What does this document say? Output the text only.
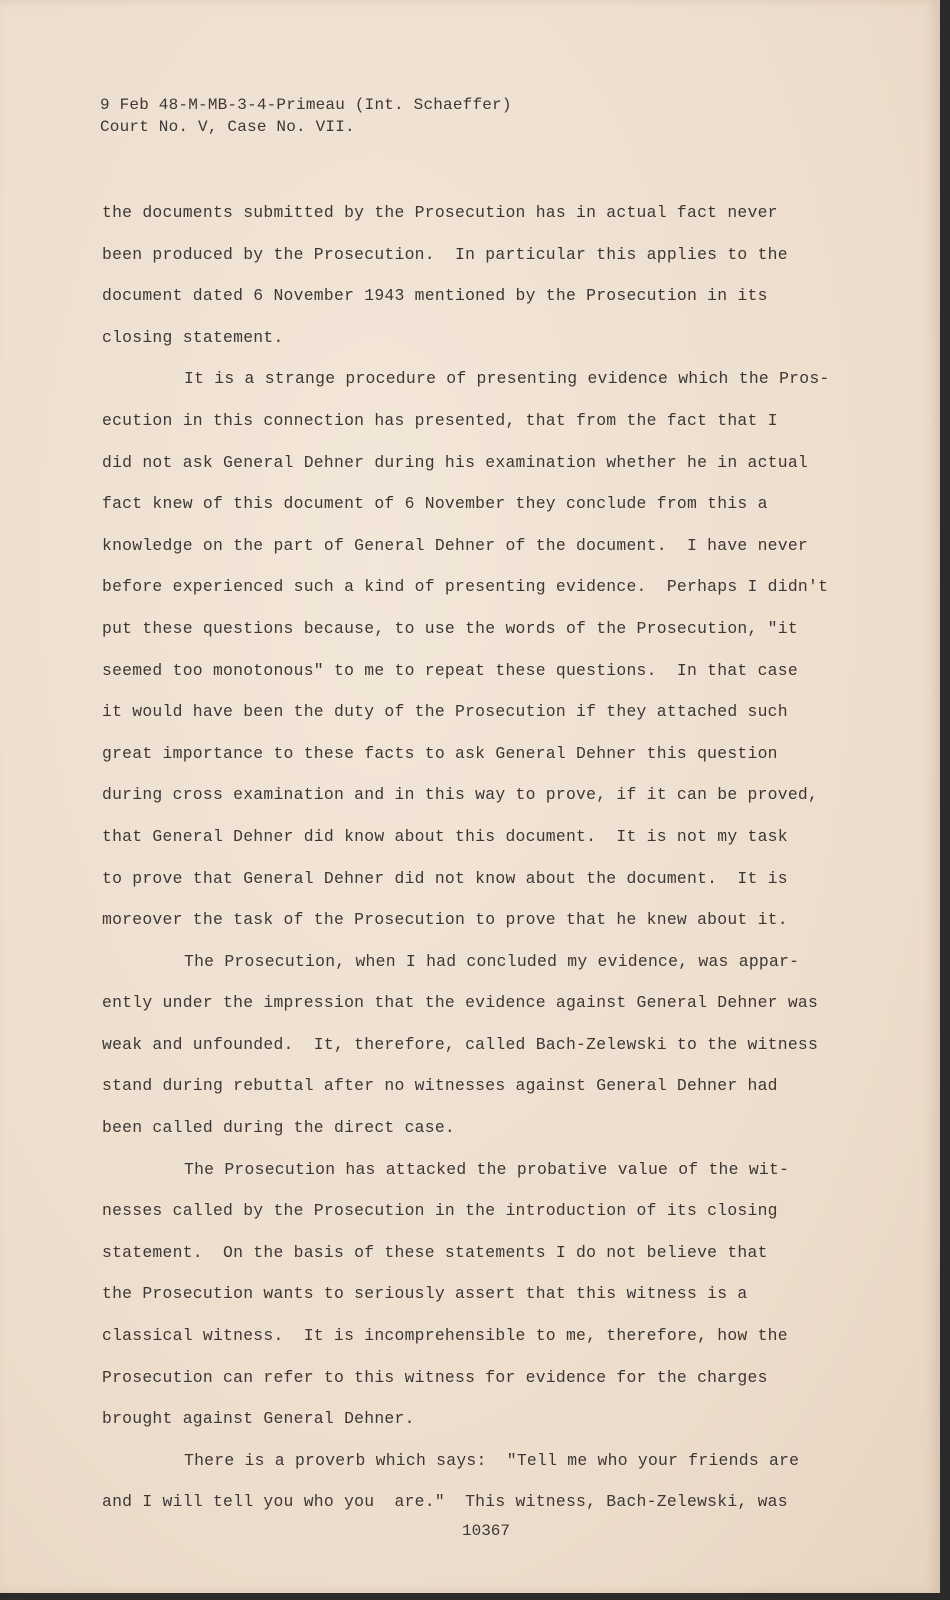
9 Feb 48-M-MB-3-4-Primeau (Int. Schaeffer)
Court No. V, Case No. VII.
the documents submitted by the Prosecution has in actual fact never
been produced by the Prosecution.  In particular this applies to the
document dated 6 November 1943 mentioned by the Prosecution in its
closing statement.
It is a strange procedure of presenting evidence which the Pros-
ecution in this connection has presented, that from the fact that I
did not ask General Dehner during his examination whether he in actual
fact knew of this document of 6 November they conclude from this a
knowledge on the part of General Dehner of the document.  I have never
before experienced such a kind of presenting evidence.  Perhaps I didn't
put these questions because, to use the words of the Prosecution, "it
seemed too monotonous" to me to repeat these questions.  In that case
it would have been the duty of the Prosecution if they attached such
great importance to these facts to ask General Dehner this question
during cross examination and in this way to prove, if it can be proved,
that General Dehner did know about this document.  It is not my task
to prove that General Dehner did not know about the document.  It is
moreover the task of the Prosecution to prove that he knew about it.
The Prosecution, when I had concluded my evidence, was appar-
ently under the impression that the evidence against General Dehner was
weak and unfounded.  It, therefore, called Bach-Zelewski to the witness
stand during rebuttal after no witnesses against General Dehner had
been called during the direct case.
The Prosecution has attacked the probative value of the wit-
nesses called by the Prosecution in the introduction of its closing
statement.  On the basis of these statements I do not believe that
the Prosecution wants to seriously assert that this witness is a
classical witness.  It is incomprehensible to me, therefore, how the
Prosecution can refer to this witness for evidence for the charges
brought against General Dehner.
There is a proverb which says:  "Tell me who your friends are
and I will tell you who you  are."  This witness, Bach-Zelewski, was
10367
